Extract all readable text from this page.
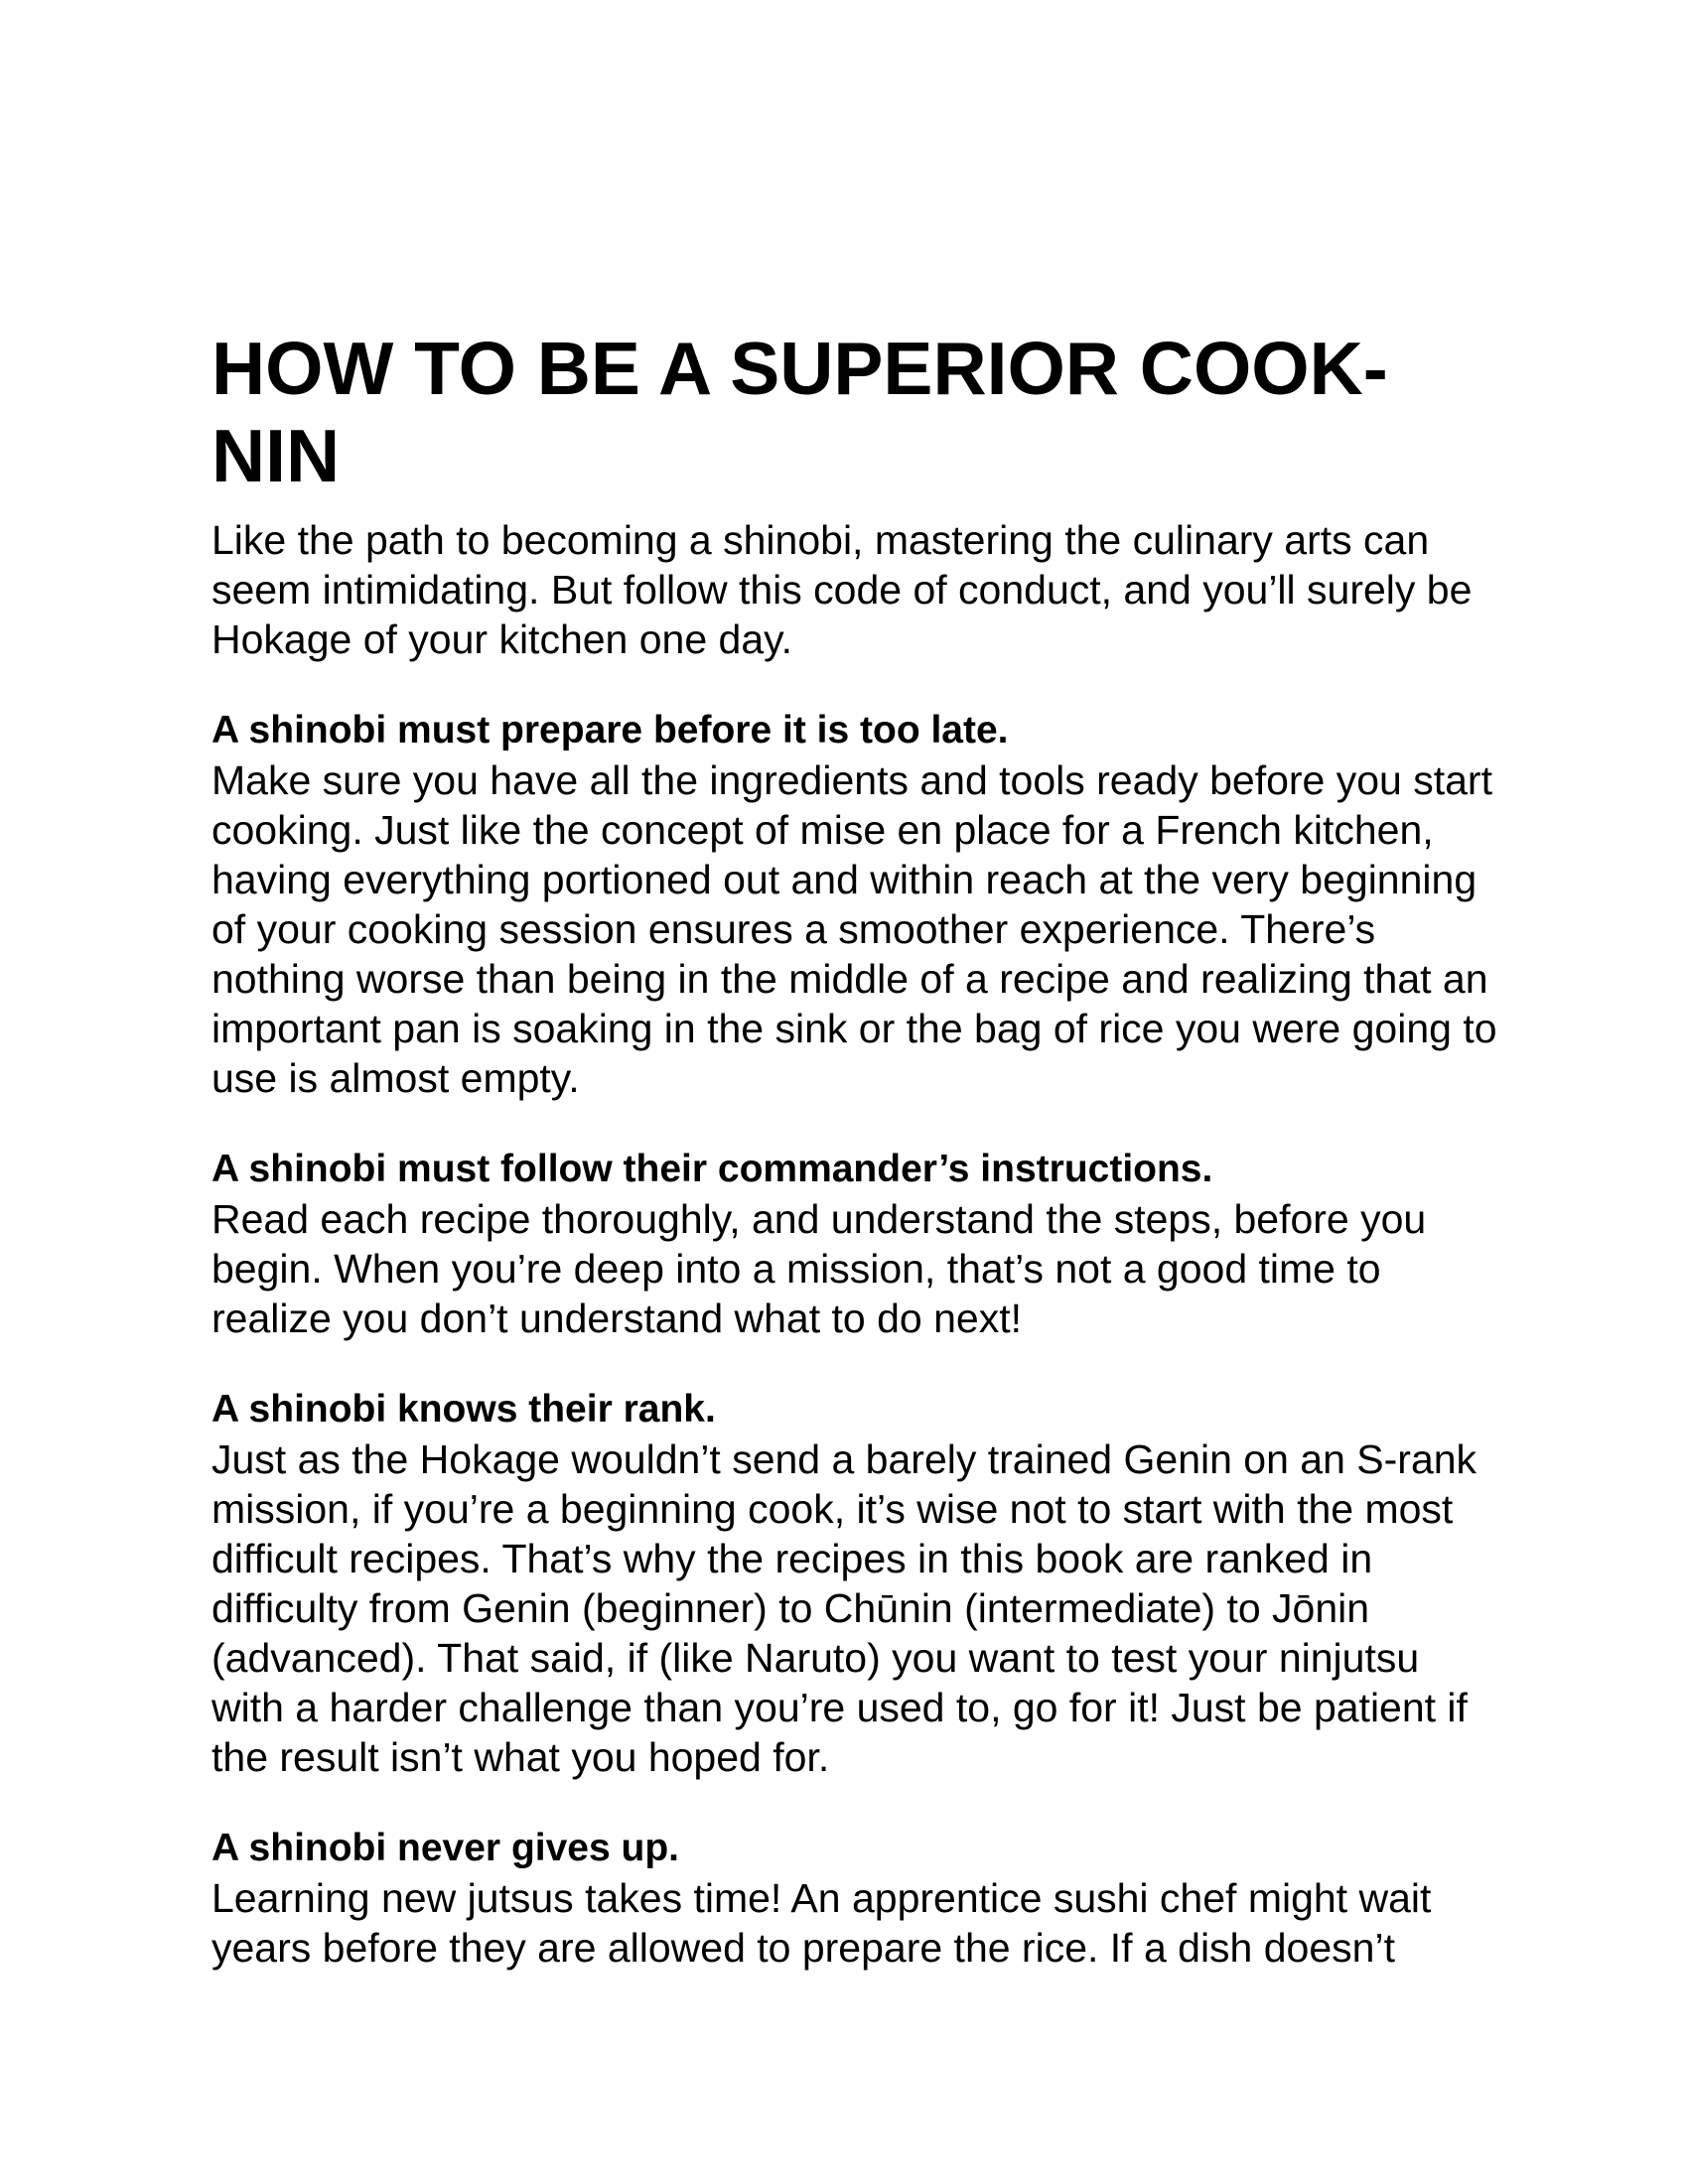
HOW TO BE A SUPERIOR COOK-NIN

Like the path to becoming a shinobi, mastering the culinary arts can seem intimidating. But follow this code of conduct, and you’ll surely be Hokage of your kitchen one day.

A shinobi must prepare before it is too late.

Make sure you have all the ingredients and tools ready before you start cooking. Just like the concept of mise en place for a French kitchen, having everything portioned out and within reach at the very beginning of your cooking session ensures a smoother experience. There’s nothing worse than being in the middle of a recipe and realizing that an important pan is soaking in the sink or the bag of rice you were going to use is almost empty.

A shinobi must follow their commander’s instructions.

Read each recipe thoroughly, and understand the steps, before you begin. When you’re deep into a mission, that’s not a good time to realize you don’t understand what to do next!

A shinobi knows their rank.

Just as the Hokage wouldn’t send a barely trained Genin on an S-rank mission, if you’re a beginning cook, it’s wise not to start with the most difficult recipes. That’s why the recipes in this book are ranked in difficulty from Genin (beginner) to Chūnin (intermediate) to Jōnin (advanced). That said, if (like Naruto) you want to test your ninjutsu with a harder challenge than you’re used to, go for it! Just be patient if the result isn’t what you hoped for.

A shinobi never gives up.

Learning new jutsus takes time! An apprentice sushi chef might wait years before they are allowed to prepare the rice. If a dish doesn’t
